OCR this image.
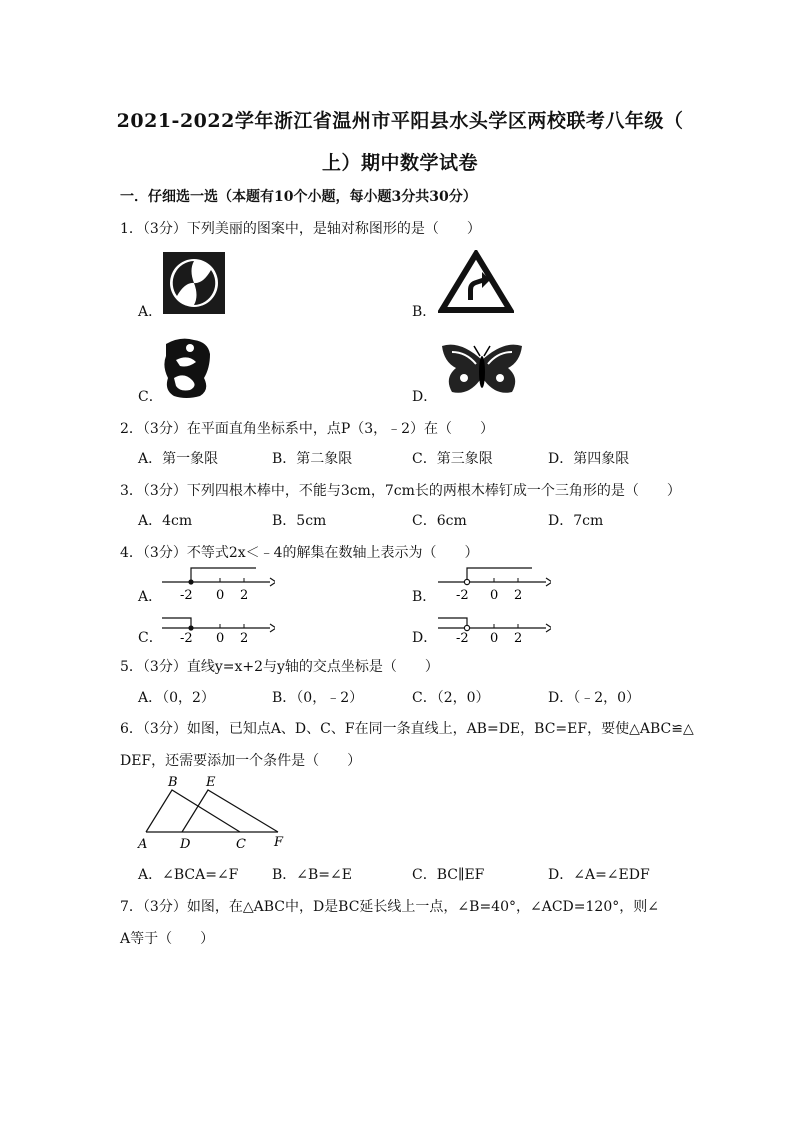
2021-2022学年浙江省温州市平阳县水头学区两校联考八年级（
上）期中数学试卷
一．仔细选一选（本题有10个小题，每小题3分共30分）
1．（3分）下列美丽的图案中，是轴对称图形的是（　　）
A．	B．
C．	D．
2．（3分）在平面直角坐标系中，点P（3，﹣2）在（　　）
A．第一象限	B．第二象限	C．第三象限	D．第四象限
3．（3分）下列四根木棒中，不能与3cm，7cm长的两根木棒钉成一个三角形的是（　　）
A．4cm	B．5cm	C．6cm	D．7cm
4．（3分）不等式2x＜﹣4的解集在数轴上表示为（　　）
A． -2 0 2	B． -2 0 2
C． -2 0 2	D． -2 0 2
5．（3分）直线y=x+2与y轴的交点坐标是（　　）
A．（0，2）	B．（0，﹣2）	C．（2，0）	D．（﹣2，0）
6．（3分）如图，已知点A、D、C、F在同一条直线上，AB=DE，BC=EF，要使△ABC≌△
DEF，还需要添加一个条件是（　　）
B E
A	D	C F
A．∠BCA=∠F B．∠B=∠E	C．BC∥EF	D．∠A=∠EDF
7．（3分）如图，在△ABC中，D是BC延长线上一点，∠B=40°，∠ACD=120°，则∠
A等于（　　）
